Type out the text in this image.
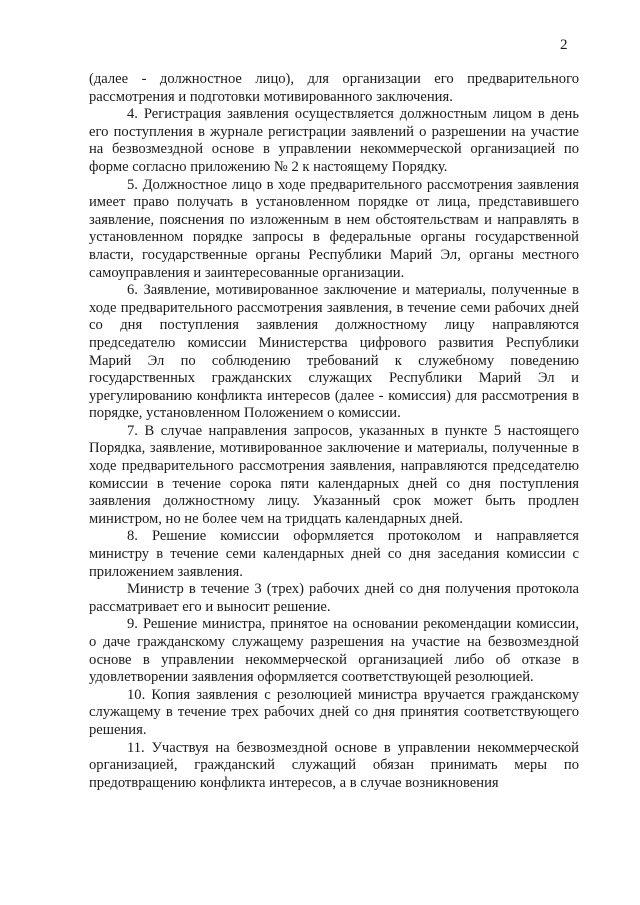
2

(далее - должностное лицо), для организации его предварительного рассмотрения и подготовки мотивированного заключения.

4. Регистрация заявления осуществляется должностным лицом в день его поступления в журнале регистрации заявлений о разрешении на участие на безвозмездной основе в управлении некоммерческой организацией по форме согласно приложению № 2 к настоящему Порядку.

5. Должностное лицо в ходе предварительного рассмотрения заявления имеет право получать в установленном порядке от лица, представившего заявление, пояснения по изложенным в нем обстоятельствам и направлять в установленном порядке запросы в федеральные органы государственной власти, государственные органы Республики Марий Эл, органы местного самоуправления и заинтересованные организации.

6. Заявление, мотивированное заключение и материалы, полученные в ходе предварительного рассмотрения заявления, в течение семи рабочих дней со дня поступления заявления должностному лицу направляются председателю комиссии Министерства цифрового развития Республики Марий Эл по соблюдению требований к служебному поведению государственных гражданских служащих Республики Марий Эл и урегулированию конфликта интересов (далее - комиссия) для рассмотрения в порядке, установленном Положением о комиссии.

7. В случае направления запросов, указанных в пункте 5 настоящего Порядка, заявление, мотивированное заключение и материалы, полученные в ходе предварительного рассмотрения заявления, направляются председателю комиссии в течение сорока пяти календарных дней со дня поступления заявления должностному лицу. Указанный срок может быть продлен министром, но не более чем на тридцать календарных дней.

8. Решение комиссии оформляется протоколом и направляется министру в течение семи календарных дней со дня заседания комиссии с приложением заявления.

Министр в течение 3 (трех) рабочих дней со дня получения протокола рассматривает его и выносит решение.

9. Решение министра, принятое на основании рекомендации комиссии, о даче гражданскому служащему разрешения на участие на безвозмездной основе в управлении некоммерческой организацией либо об отказе в удовлетворении заявления оформляется соответствующей резолюцией.

10. Копия заявления с резолюцией министра вручается гражданскому служащему в течение трех рабочих дней со дня принятия соответствующего решения.

11. Участвуя на безвозмездной основе в управлении некоммерческой организацией, гражданский служащий обязан принимать меры по предотвращению конфликта интересов, а в случае возникновения
